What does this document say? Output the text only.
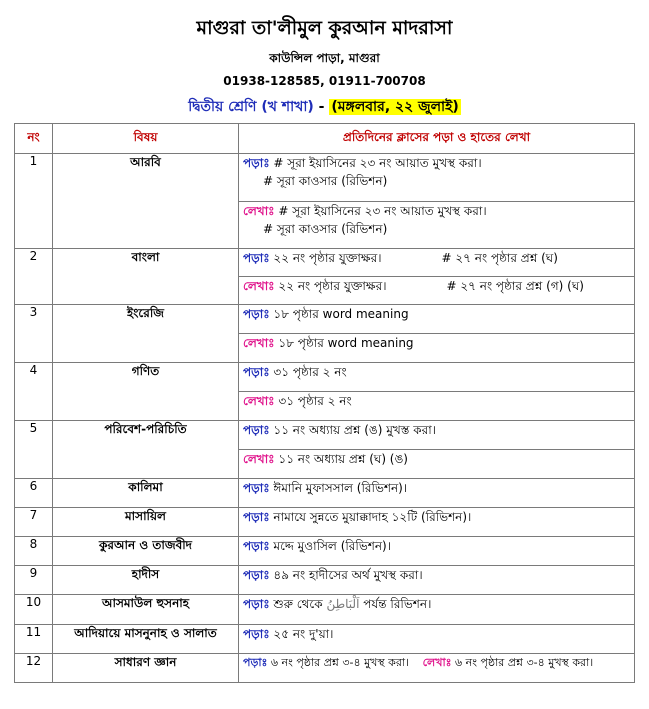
মাগুরা তা'লীমুল কুরআন মাদরাসা
কাউন্সিল পাড়া, মাগুরা
01938-128585, 01911-700708
দ্বিতীয় শ্রেণি (খ শাখা) - (মঙ্গলবার, ২২ জুলাই)
নং	বিষয়	প্রতিদিনের ক্লাসের পড়া ও হাতের লেখা
1	আরবি	পড়াঃ # সূরা ইয়াসিনের ২৩ নং আয়াত মুখস্থ করা।
# সূরা কাওসার (রিভিশন)
		লেখাঃ # সূরা ইয়াসিনের ২৩ নং আয়াত মুখস্থ করা।
# সূরা কাওসার (রিভিশন)
2	বাংলা	পড়াঃ ২২ নং পৃষ্ঠার যুক্তাক্ষর। # ২৭ নং পৃষ্ঠার প্রশ্ন (ঘ)
		লেখাঃ ২২ নং পৃষ্ঠার যুক্তাক্ষর। # ২৭ নং পৃষ্ঠার প্রশ্ন (গ) (ঘ)
3	ইংরেজি	পড়াঃ ১৮ পৃষ্ঠার word meaning
		লেখাঃ ১৮ পৃষ্ঠার word meaning
4	গণিত	পড়াঃ ৩১ পৃষ্ঠার ২ নং
		লেখাঃ ৩১ পৃষ্ঠার ২ নং
5	পরিবেশ-পরিচিতি	পড়াঃ ১১ নং অধ্যায় প্রশ্ন (ঙ) মুখস্ত করা।
		লেখাঃ ১১ নং অধ্যায় প্রশ্ন (ঘ) (ঙ)
6	কালিমা	পড়াঃ ঈমানি মুফাসসাল (রিভিশন)।
7	মাসায়িল	পড়াঃ নামাযে সুন্নতে মুয়াক্কাদাহ ১২টি (রিভিশন)।
8	কুরআন ও তাজবীদ	পড়াঃ মদ্দে মুওাসিল (রিভিশন)।
9	হাদীস	পড়াঃ ৪৯ নং হাদীসের অর্থ মুখস্থ করা।
10	আসমাউল হুসনাহ	পড়াঃ শুরু থেকে اَلْبَاطِنُ পর্যন্ত রিভিশন।
11	আদিয়ায়ে মাসনুনাহ ও সালাত	পড়াঃ ২৫ নং দু'য়া।
12	সাধারণ জ্ঞান	পড়াঃ ৬ নং পৃষ্ঠার প্রশ্ন ৩-৪ মুখস্থ করা। লেখাঃ ৬ নং পৃষ্ঠার প্রশ্ন ৩-৪ মুখস্থ করা।
